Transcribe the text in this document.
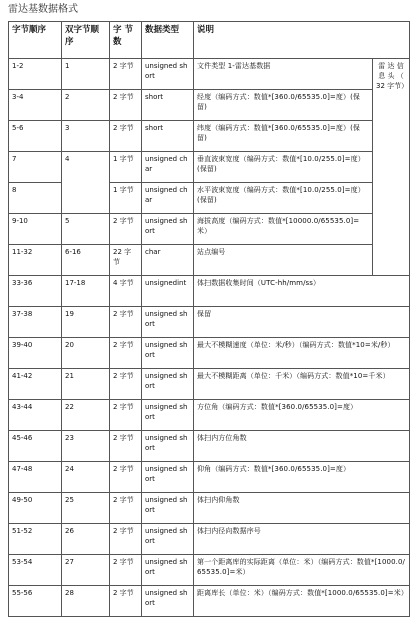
雷达基数据格式
字节顺序	双字节顺序	字 节 数	数据类型	说明	
1-2	1	2 字节	unsigned short	文件类型 1-雷达基数据	雷 达 信 息 头 （ 32 字节）
3-4	2	2 字节	short	经度（编码方式：数值*[360.0/65535.0]=度）(保留)	
5-6	3	2 字节	short	纬度（编码方式：数值*[360.0/65535.0]=度）(保留)	
7	4	1 字节	unsigned char	垂直波束宽度（编码方式：数值*[10.0/255.0]=度）(保留)	
8		1 字节	unsigned char	水平波束宽度（编码方式：数值*[10.0/255.0]=度）(保留)	
9-10	5	2 字节	unsigned short	海拔高度（编码方式：数值*[10000.0/65535.0]=米）	
11-32	6-16	22 字节	char	站点编号	
33-36	17-18	4 字节	unsignedint	体扫数据收集时间（UTC-hh/mm/ss）	
37-38	19	2 字节	unsigned short	保留	
39-40	20	2 字节	unsigned short	最大不模糊速度（单位：米/秒）（编码方式：数值*10=米/秒）	
41-42	21	2 字节	unsigned short	最大不模糊距离（单位：千米）（编码方式：数值*10=千米）	
43-44	22	2 字节	unsigned short	方位角（编码方式：数值*[360.0/65535.0]=度）	
45-46	23	2 字节	unsigned short	体扫内方位角数	
47-48	24	2 字节	unsigned short	仰角（编码方式：数值*[360.0/65535.0]=度）	
49-50	25	2 字节	unsigned short	体扫内仰角数	
51-52	26	2 字节	unsigned short	体扫内径向数据序号	
53-54	27	2 字节	unsigned short	第一个距离库的实际距离（单位：米）（编码方式：数值*[1000.0/65535.0]=米）	
55-56	28	2 字节	unsigned short	距离库长（单位：米）（编码方式：数值*[1000.0/65535.0]=米）	
